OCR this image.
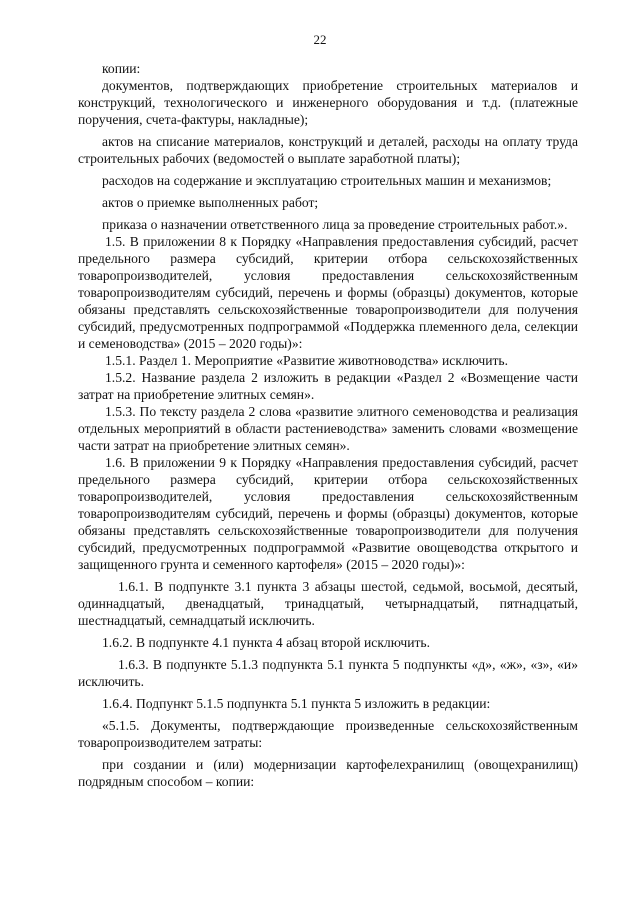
22

копии:

документов, подтверждающих приобретение строительных материалов и конструкций, технологического и инженерного оборудования и т.д. (платежные поручения, счета-фактуры, накладные);

актов на списание материалов, конструкций и деталей, расходы на оплату труда строительных рабочих (ведомостей о выплате заработной платы);

расходов на содержание и эксплуатацию строительных машин и механизмов;

актов о приемке выполненных работ;

приказа о назначении ответственного лица за проведение строительных работ.».

1.5. В приложении 8 к Порядку «Направления предоставления субсидий, расчет предельного размера субсидий, критерии отбора сельскохозяйственных товаропроизводителей, условия предоставления сельскохозяйственным товаропроизводителям субсидий, перечень и формы (образцы) документов, которые обязаны представлять сельскохозяйственные товаропроизводители для получения субсидий, предусмотренных подпрограммой «Поддержка племенного дела, селекции и семеноводства» (2015 – 2020 годы)»:

1.5.1. Раздел 1. Мероприятие «Развитие животноводства» исключить.

1.5.2. Название раздела 2 изложить в редакции «Раздел 2 «Возмещение части затрат на приобретение элитных семян».

1.5.3. По тексту раздела 2 слова «развитие элитного семеноводства и реализация отдельных мероприятий в области растениеводства» заменить словами «возмещение части затрат на приобретение элитных семян».

1.6. В приложении 9 к Порядку «Направления предоставления субсидий, расчет предельного размера субсидий, критерии отбора сельскохозяйственных товаропроизводителей, условия предоставления сельскохозяйственным товаропроизводителям субсидий, перечень и формы (образцы) документов, которые обязаны представлять сельскохозяйственные товаропроизводители для получения субсидий, предусмотренных подпрограммой «Развитие овощеводства открытого и защищенного грунта и семенного картофеля» (2015 – 2020 годы)»:

1.6.1. В подпункте 3.1 пункта 3 абзацы шестой, седьмой, восьмой, десятый, одиннадцатый, двенадцатый, тринадцатый, четырнадцатый, пятнадцатый, шестнадцатый, семнадцатый исключить.

1.6.2. В подпункте 4.1 пункта 4 абзац второй исключить.

1.6.3. В подпункте 5.1.3 подпункта 5.1 пункта 5 подпункты «д», «ж», «з», «и» исключить.

1.6.4. Подпункт 5.1.5 подпункта 5.1 пункта 5 изложить в редакции:

«5.1.5. Документы, подтверждающие произведенные сельскохозяйственным товаропроизводителем затраты:

при создании и (или) модернизации картофелехранилищ (овощехранилищ) подрядным способом – копии:
